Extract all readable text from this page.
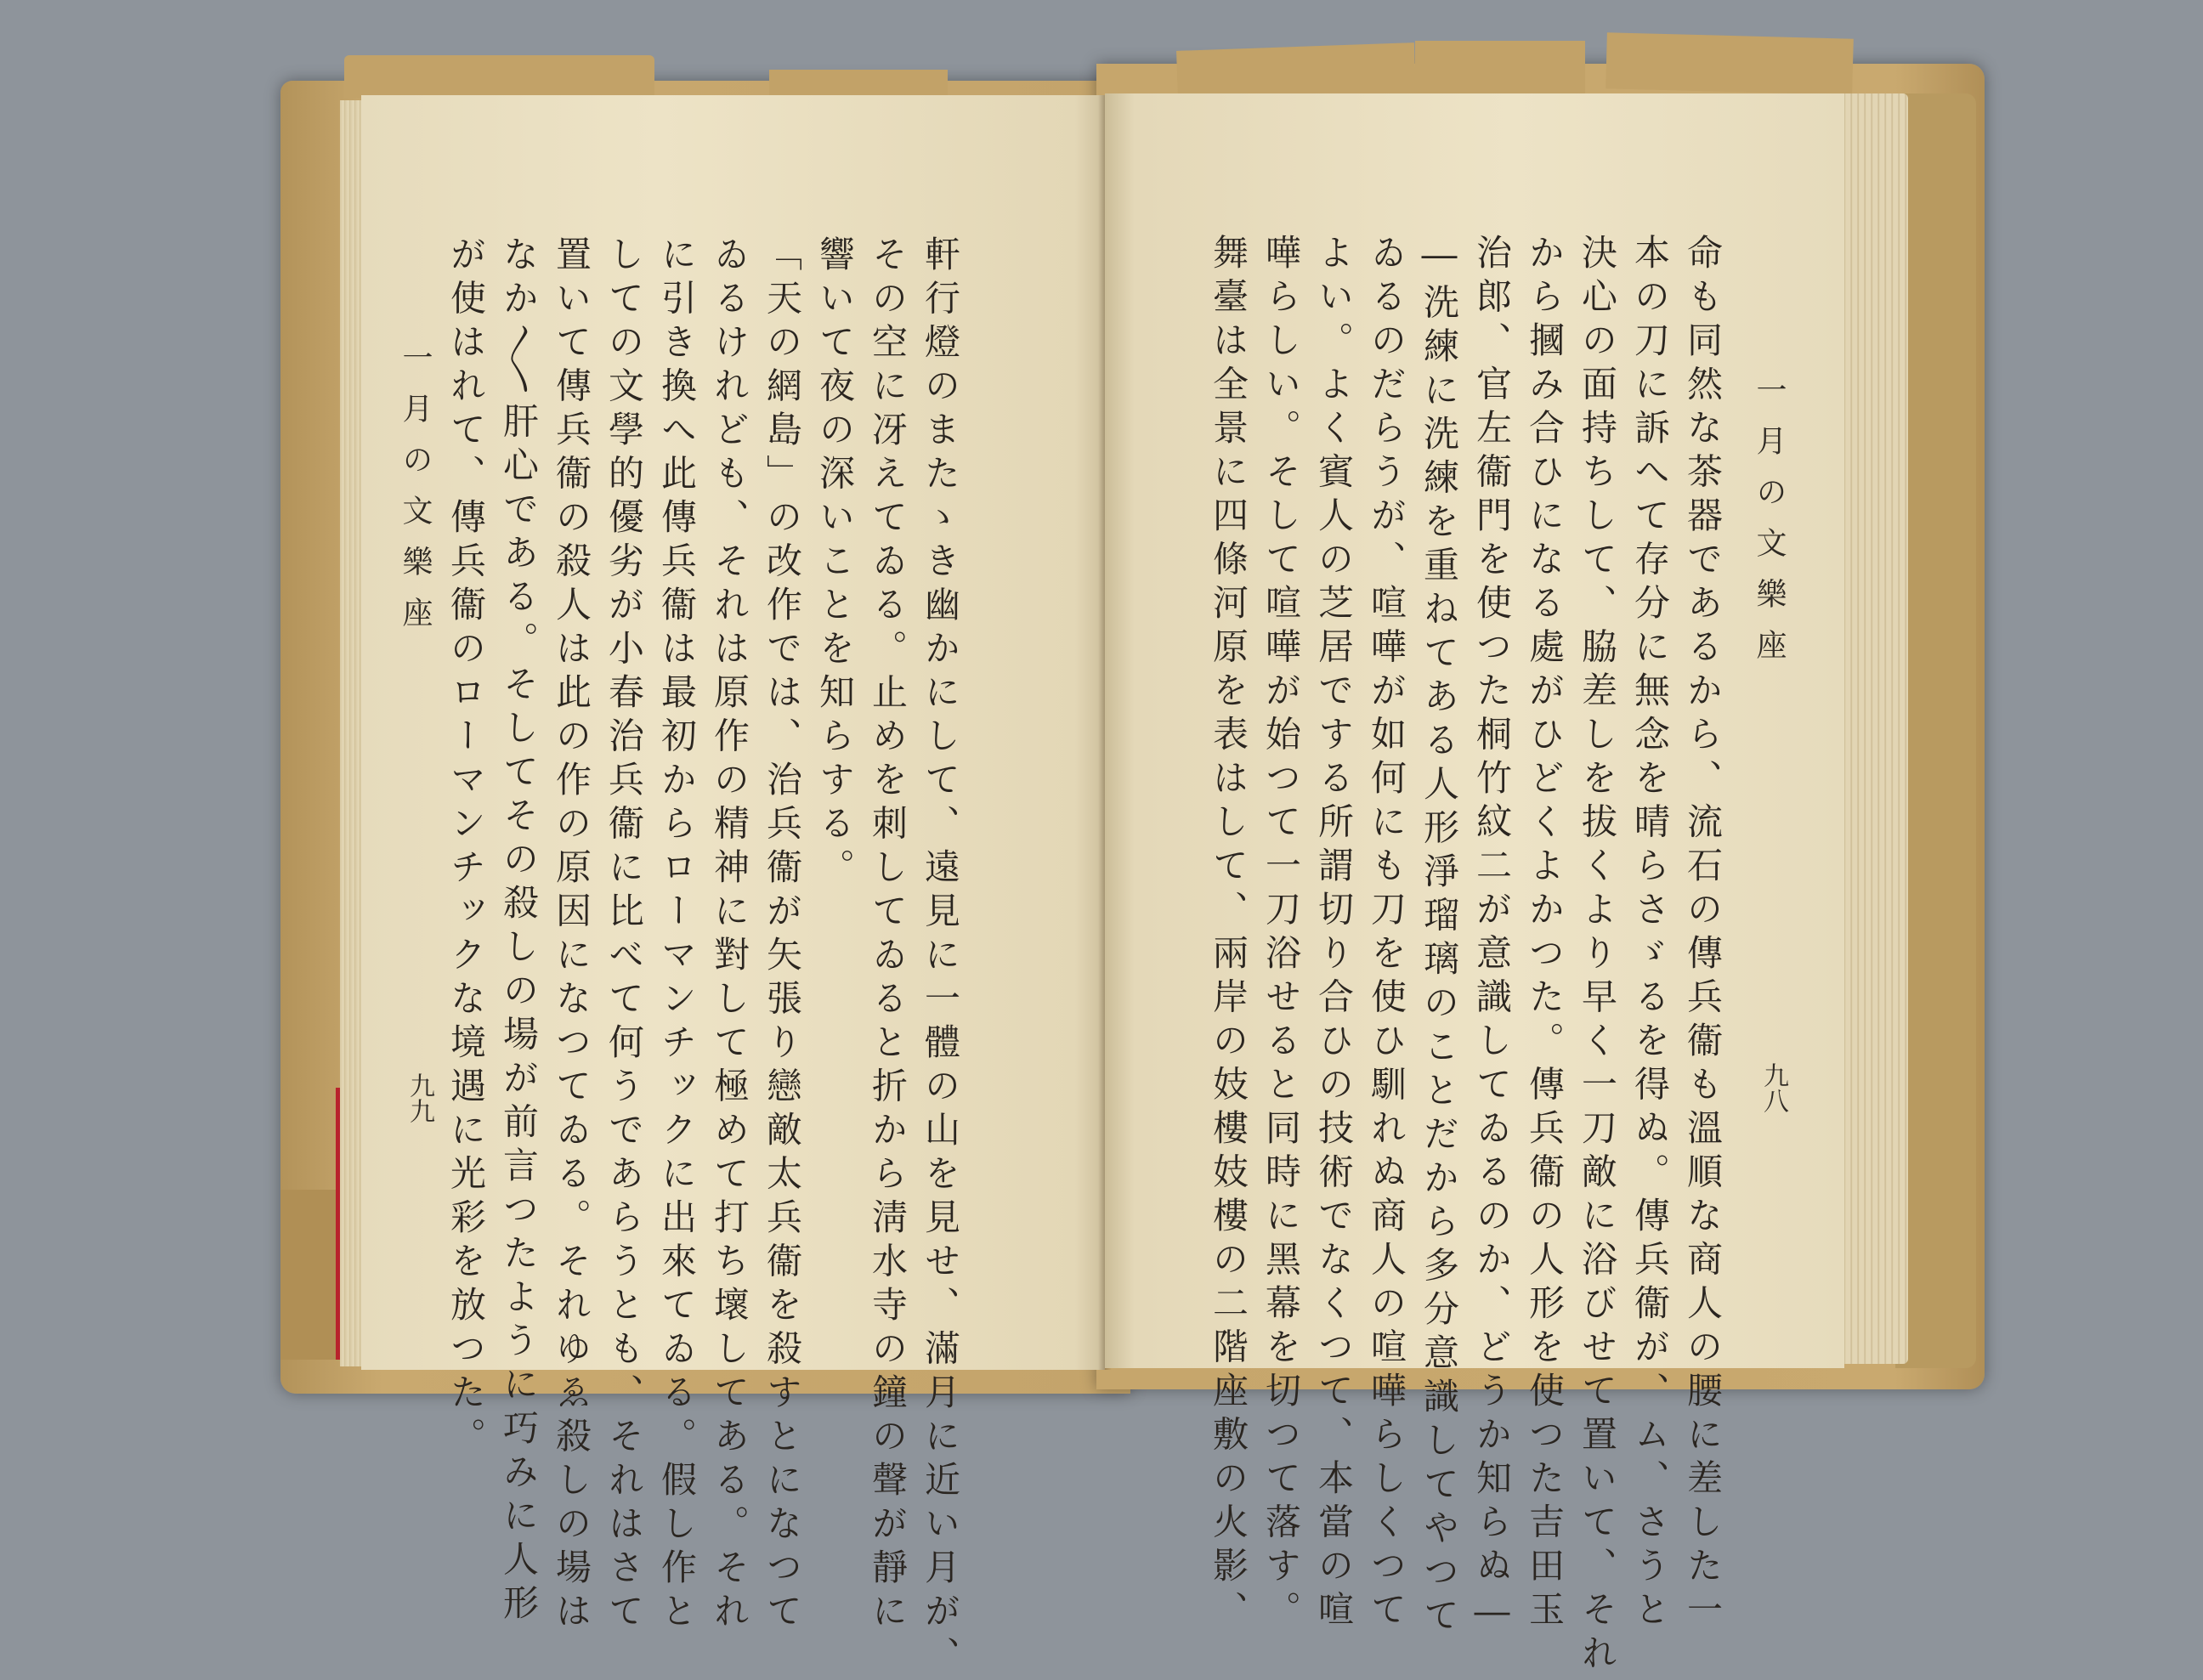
軒行燈のまたゝき幽かにして、遠見に一體の山を見せ、滿月に近い月が、
その空に冴えてゐる。止めを刺してゐると折から淸水寺の鐘の聲が靜に
響いて夜の深いことを知らする。
「天の網島」の改作では、治兵衞が矢張り戀敵太兵衞を殺すとになつて
ゐるけれども、それは原作の精神に對して極めて打ち壞してある。それ
に引き換へ此傳兵衞は最初からローマンチックに出來てゐる。假し作と
しての文學的優劣が小春治兵衞に比べて何うであらうとも、それはさて
置いて傳兵衞の殺人は此の作の原因になつてゐる。それゆゑ殺しの場は
なか〳〵肝心である。そしてその殺しの場が前言つたように巧みに人形
が使はれて、傳兵衞のローマンチックな境遇に光彩を放つた。
一月の文樂座
九九
一月の文樂座
命も同然な茶器であるから、流石の傳兵衞も溫順な商人の腰に差した一
本の刀に訴へて存分に無念を晴らさゞるを得ぬ。傳兵衞が、ム、さうと
決心の面持ちして、脇差しを拔くより早く一刀敵に浴びせて置いて、それ
から摑み合ひになる處がひどくよかつた。傳兵衞の人形を使つた吉田玉
治郎、官左衞門を使つた桐竹紋二が意識してゐるのか、どうか知らぬ―
―洗練に洗練を重ねてある人形淨瑠璃のことだから多分意識してやつて
ゐるのだらうが、喧嘩が如何にも刀を使ひ馴れぬ商人の喧嘩らしくつて
よい。よく賓人の芝居でする所謂切り合ひの技術でなくつて、本當の喧
嘩らしい。そして喧嘩が始つて一刀浴せると同時に黑幕を切つて落す。
舞臺は全景に四條河原を表はして、兩岸の妓樓妓樓の二階座敷の火影、	九八
